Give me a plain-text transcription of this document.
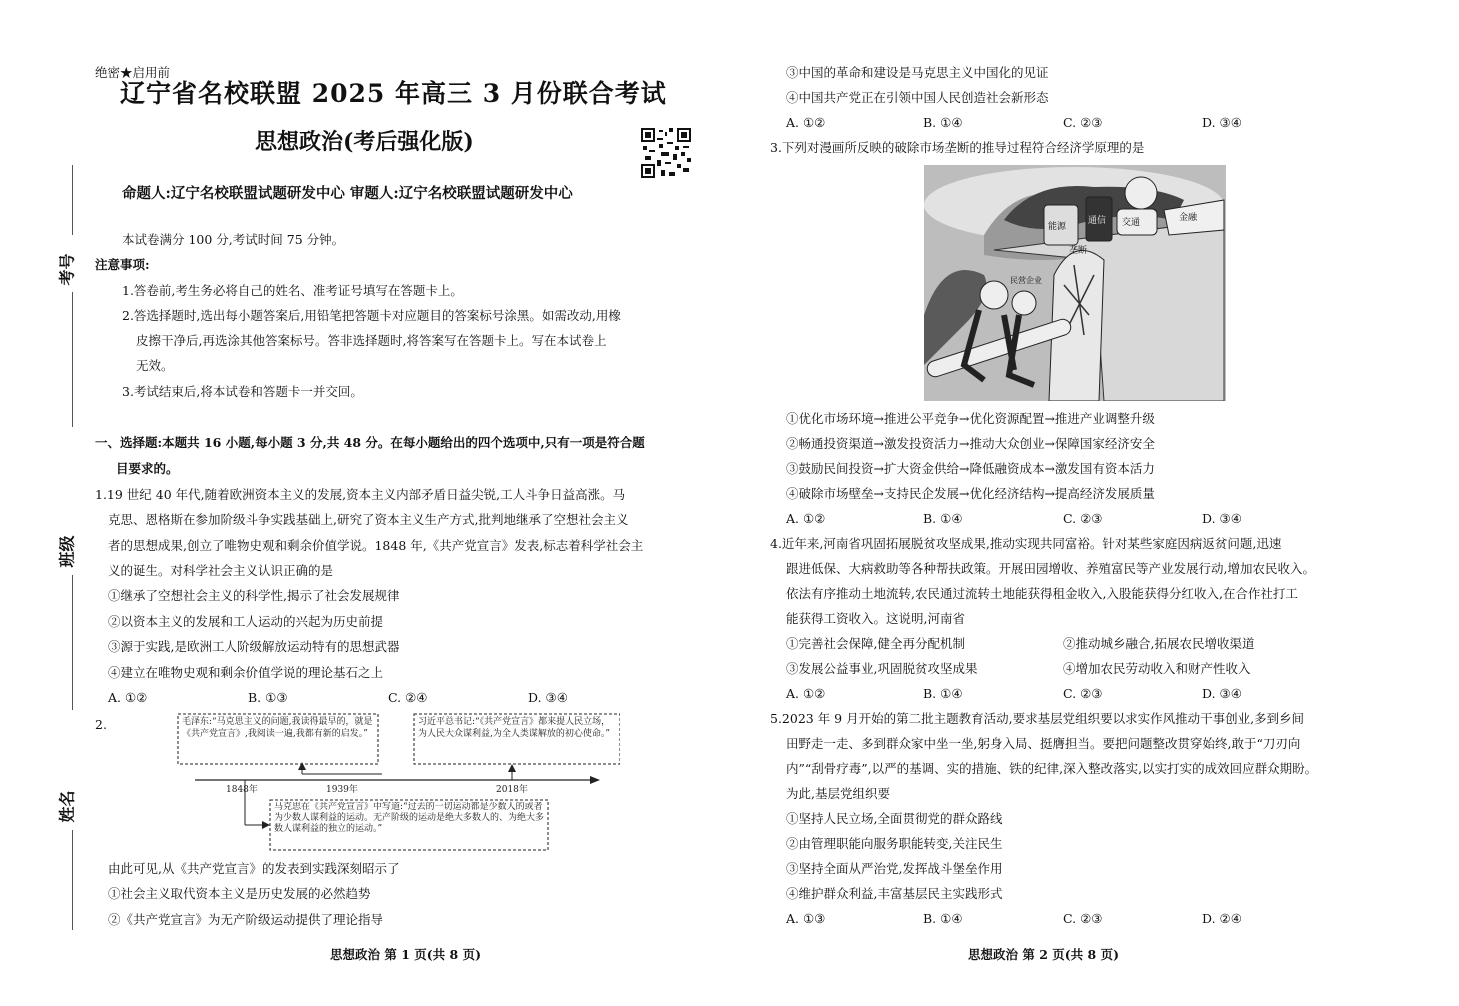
绝密★启用前
辽宁省名校联盟 2025 年高三 3 月份联合考试
思想政治(考后强化版)
命题人:辽宁名校联盟试题研发中心 审题人:辽宁名校联盟试题研发中心
考号
班级
姓名
本试卷满分 100 分,考试时间 75 分钟。
注意事项:
1.答卷前,考生务必将自己的姓名、准考证号填写在答题卡上。
2.答选择题时,选出每小题答案后,用铅笔把答题卡对应题目的答案标号涂黑。如需改动,用橡
皮擦干净后,再选涂其他答案标号。答非选择题时,将答案写在答题卡上。写在本试卷上
无效。
3.考试结束后,将本试卷和答题卡一并交回。
一、选择题:本题共 16 小题,每小题 3 分,共 48 分。在每小题给出的四个选项中,只有一项是符合题
目要求的。
1.19 世纪 40 年代,随着欧洲资本主义的发展,资本主义内部矛盾日益尖锐,工人斗争日益高涨。马
克思、恩格斯在参加阶级斗争实践基础上,研究了资本主义生产方式,批判地继承了空想社会主义
者的思想成果,创立了唯物史观和剩余价值学说。1848 年,《共产党宣言》发表,标志着科学社会主
义的诞生。对科学社会主义认识正确的是
①继承了空想社会主义的科学性,揭示了社会发展规律
②以资本主义的发展和工人运动的兴起为历史前提
③源于实践,是欧洲工人阶级解放运动特有的思想武器
④建立在唯物史观和剩余价值学说的理论基石之上
A. ①②	B. ①③	C. ②④	D. ③④
2.	毛泽东:“马克思主义的问题,我读得最早的，就是《共产党宣言》,我阅读一遍,我都有新的启发。”
习近平总书记:“《共产党宣言》都来提人民立场，为人民大众谋利益,为全人类谋解放的初心使命。”
马克思在《共产党宣言》中写道:“过去的一切运动都是少数人的或者为少数人谋利益的运动。无产阶级的运动是绝大多数人的、为绝大多数人谋利益的独立的运动。”
1848年	1939年	2018年
由此可见,从《共产党宣言》的发表到实践深刻昭示了
①社会主义取代资本主义是历史发展的必然趋势
②《共产党宣言》为无产阶级运动提供了理论指导
思想政治 第 1 页(共 8 页)
③中国的革命和建设是马克思主义中国化的见证
④中国共产党正在引领中国人民创造社会新形态
A. ①②	B. ①④	C. ②③	D. ③④
3.下列对漫画所反映的破除市场垄断的推导过程符合经济学原理的是
能源
通信 交通	金融
民营企业
垄断
①优化市场环境→推进公平竞争→优化资源配置→推进产业调整升级
②畅通投资渠道→激发投资活力→推动大众创业→保障国家经济安全
③鼓励民间投资→扩大资金供给→降低融资成本→激发国有资本活力
④破除市场壁垒→支持民企发展→优化经济结构→提高经济发展质量
A. ①②	B. ①④	C. ②③	D. ③④
4.近年来,河南省巩固拓展脱贫攻坚成果,推动实现共同富裕。针对某些家庭因病返贫问题,迅速
跟进低保、大病救助等各种帮扶政策。开展田园增收、养殖富民等产业发展行动,增加农民收入。
依法有序推动土地流转,农民通过流转土地能获得租金收入,入股能获得分红收入,在合作社打工
能获得工资收入。这说明,河南省
①完善社会保障,健全再分配机制	②推动城乡融合,拓展农民增收渠道
③发展公益事业,巩固脱贫攻坚成果	④增加农民劳动收入和财产性收入
A. ①②	B. ①④	C. ②③	D. ③④
5.2023 年 9 月开始的第二批主题教育活动,要求基层党组织要以求实作风推动干事创业,多到乡间
田野走一走、多到群众家中坐一坐,躬身入局、挺膺担当。要把问题整改贯穿始终,敢于“刀刃向
内”“刮骨疗毒”,以严的基调、实的措施、铁的纪律,深入整改落实,以实打实的成效回应群众期盼。
为此,基层党组织要
①坚持人民立场,全面贯彻党的群众路线
②由管理职能向服务职能转变,关注民生
③坚持全面从严治党,发挥战斗堡垒作用
④维护群众利益,丰富基层民主实践形式
A. ①③	B. ①④	C. ②③	D. ②④
思想政治 第 2 页(共 8 页)
